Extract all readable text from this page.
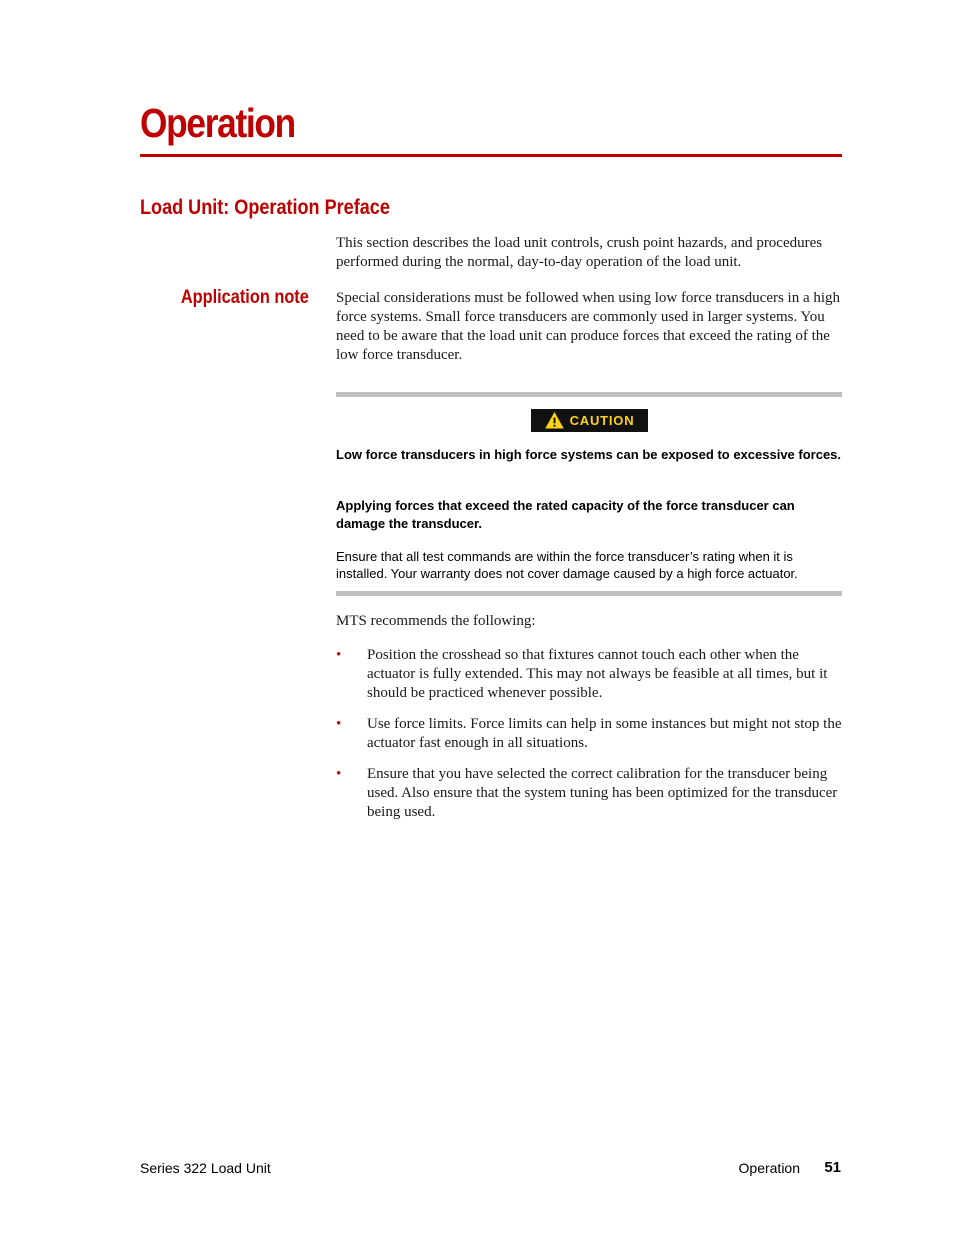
Operation
Load Unit: Operation Preface

This section describes the load unit controls, crush point hazards, and procedures performed during the normal, day-to-day operation of the load unit.

Application note Special considerations must be followed when using low force transducers in a high force systems. Small force transducers are commonly used in larger systems. You need to be aware that the load unit can produce forces that exceed the rating of the low force transducer.

CAUTION

Low force transducers in high force systems can be exposed to excessive forces.

Applying forces that exceed the rated capacity of the force transducer can damage the transducer.

Ensure that all test commands are within the force transducer’s rating when it is installed. Your warranty does not cover damage caused by a high force actuator.

MTS recommends the following:

• Position the crosshead so that fixtures cannot touch each other when the actuator is fully extended. This may not always be feasible at all times, but it should be practiced whenever possible.

• Use force limits. Force limits can help in some instances but might not stop the actuator fast enough in all situations.

• Ensure that you have selected the correct calibration for the transducer being used. Also ensure that the system tuning has been optimized for the transducer being used.

Series 322 Load Unit	Operation 51
